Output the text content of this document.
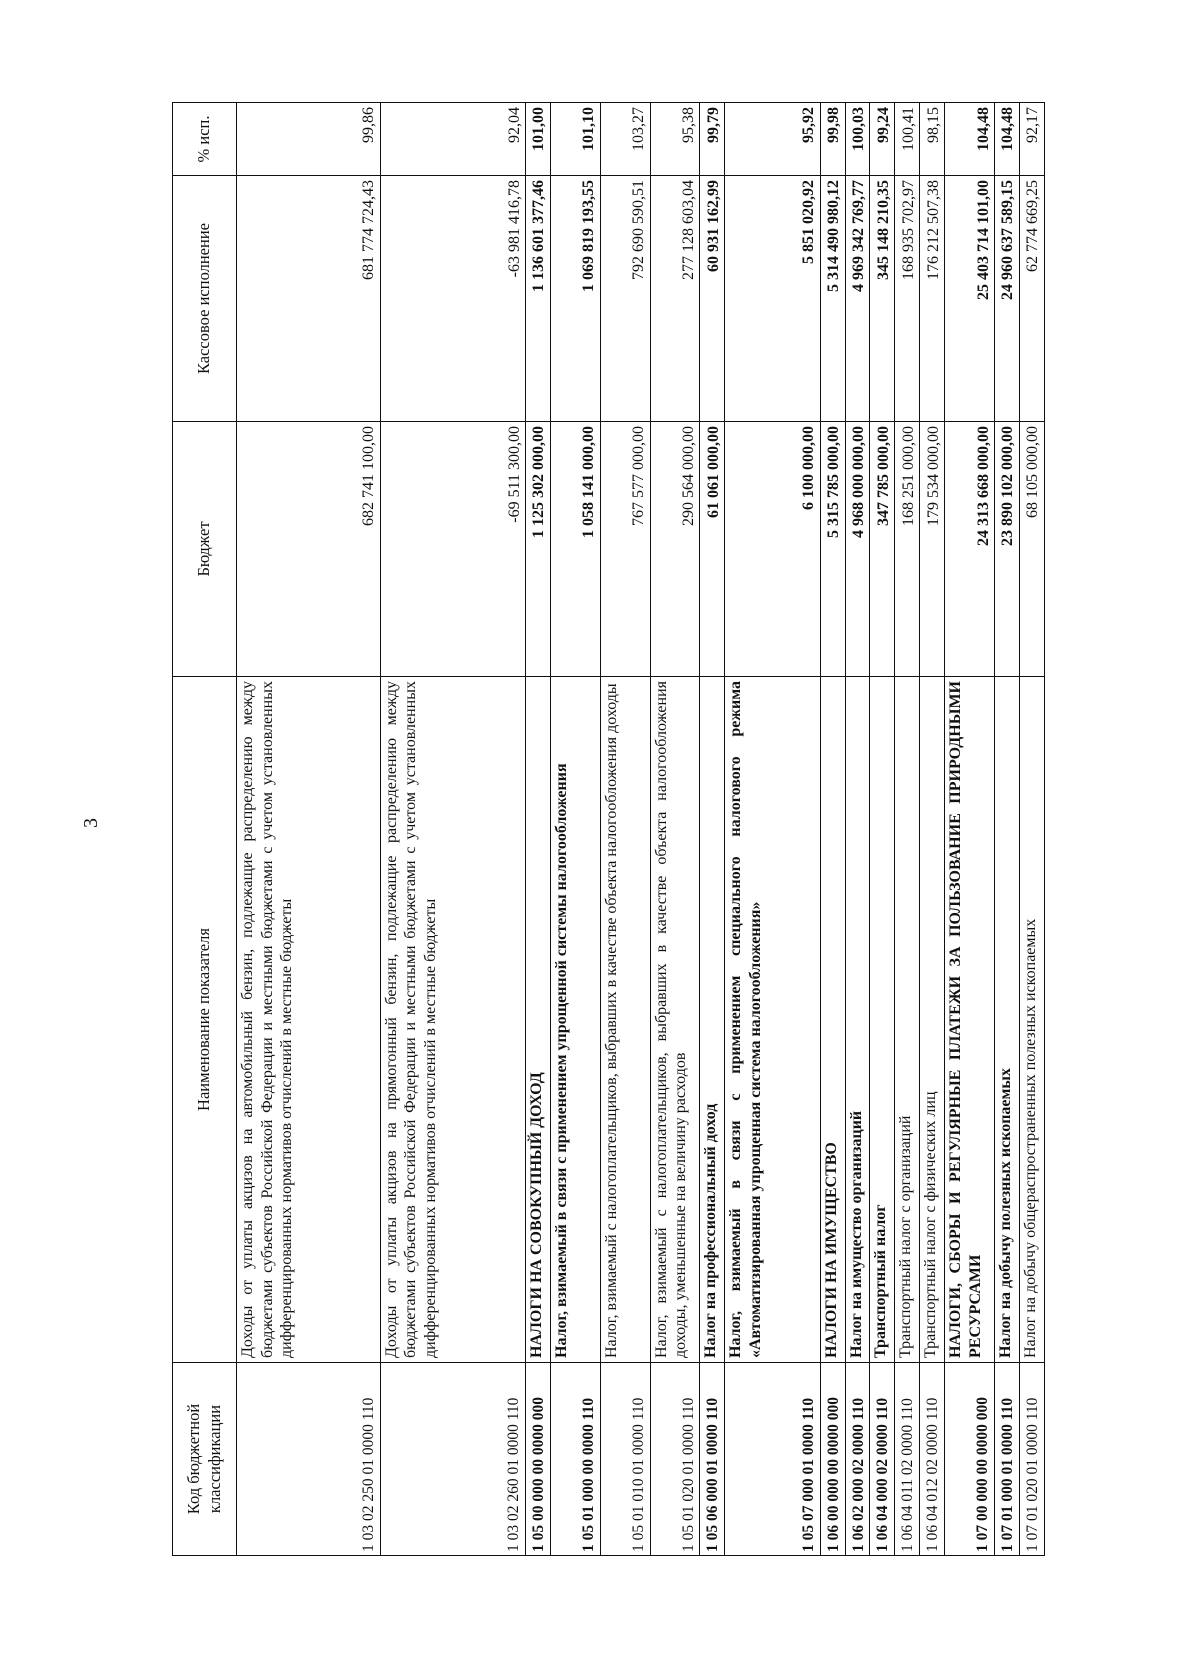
3
Код бюджетной классификации	Наименование показателя	Бюджет	Кассовое исполнение	% исп.
1 03 02 250 01 0000 110	Доходы от уплаты акцизов на автомобильный бензин, подлежащие распределению между бюджетами субъектов Российской Федерации и местными бюджетами с учетом установленных дифференцированных нормативов отчислений в местные бюджеты	682 741 100,00	681 774 724,43	99,86
1 03 02 260 01 0000 110	Доходы от уплаты акцизов на прямогонный бензин, подлежащие распределению между бюджетами субъектов Российской Федерации и местными бюджетами с учетом установленных дифференцированных нормативов отчислений в местные бюджеты	-69 511 300,00	-63 981 416,78	92,04
1 05 00 000 00 0000 000	НАЛОГИ НА СОВОКУПНЫЙ ДОХОД	1 125 302 000,00	1 136 601 377,46	101,00
1 05 01 000 00 0000 110	Налог, взимаемый в связи с применением упрощенной системы налогообложения	1 058 141 000,00	1 069 819 193,55	101,10
1 05 01 010 01 0000 110	Налог, взимаемый с налогоплательщиков, выбравших в качестве объекта налогообложения доходы	767 577 000,00	792 690 590,51	103,27
1 05 01 020 01 0000 110	Налог, взимаемый с налогоплательщиков, выбравших в качестве объекта налогообложения доходы, уменьшенные на величину расходов	290 564 000,00	277 128 603,04	95,38
1 05 06 000 01 0000 110	Налог на профессиональный доход	61 061 000,00	60 931 162,99	99,79
1 05 07 000 01 0000 110	Налог, взимаемый в связи с применением специального налогового режима «Автоматизированная упрощенная система налогообложения»	6 100 000,00	5 851 020,92	95,92
1 06 00 000 00 0000 000	НАЛОГИ НА ИМУЩЕСТВО	5 315 785 000,00	5 314 490 980,12	99,98
1 06 02 000 02 0000 110	Налог на имущество организаций	4 968 000 000,00	4 969 342 769,77	100,03
1 06 04 000 02 0000 110	Транспортный налог	347 785 000,00	345 148 210,35	99,24
1 06 04 011 02 0000 110	Транспортный налог с организаций	168 251 000,00	168 935 702,97	100,41
1 06 04 012 02 0000 110	Транспортный налог с физических лиц	179 534 000,00	176 212 507,38	98,15
1 07 00 000 00 0000 000	НАЛОГИ, СБОРЫ И РЕГУЛЯРНЫЕ ПЛАТЕЖИ ЗА ПОЛЬЗОВАНИЕ ПРИРОДНЫМИ РЕСУРСАМИ	24 313 668 000,00	25 403 714 101,00	104,48
1 07 01 000 01 0000 110	Налог на добычу полезных ископаемых	23 890 102 000,00	24 960 637 589,15	104,48
1 07 01 020 01 0000 110	Налог на добычу общераспространенных полезных ископаемых	68 105 000,00	62 774 669,25	92,17
